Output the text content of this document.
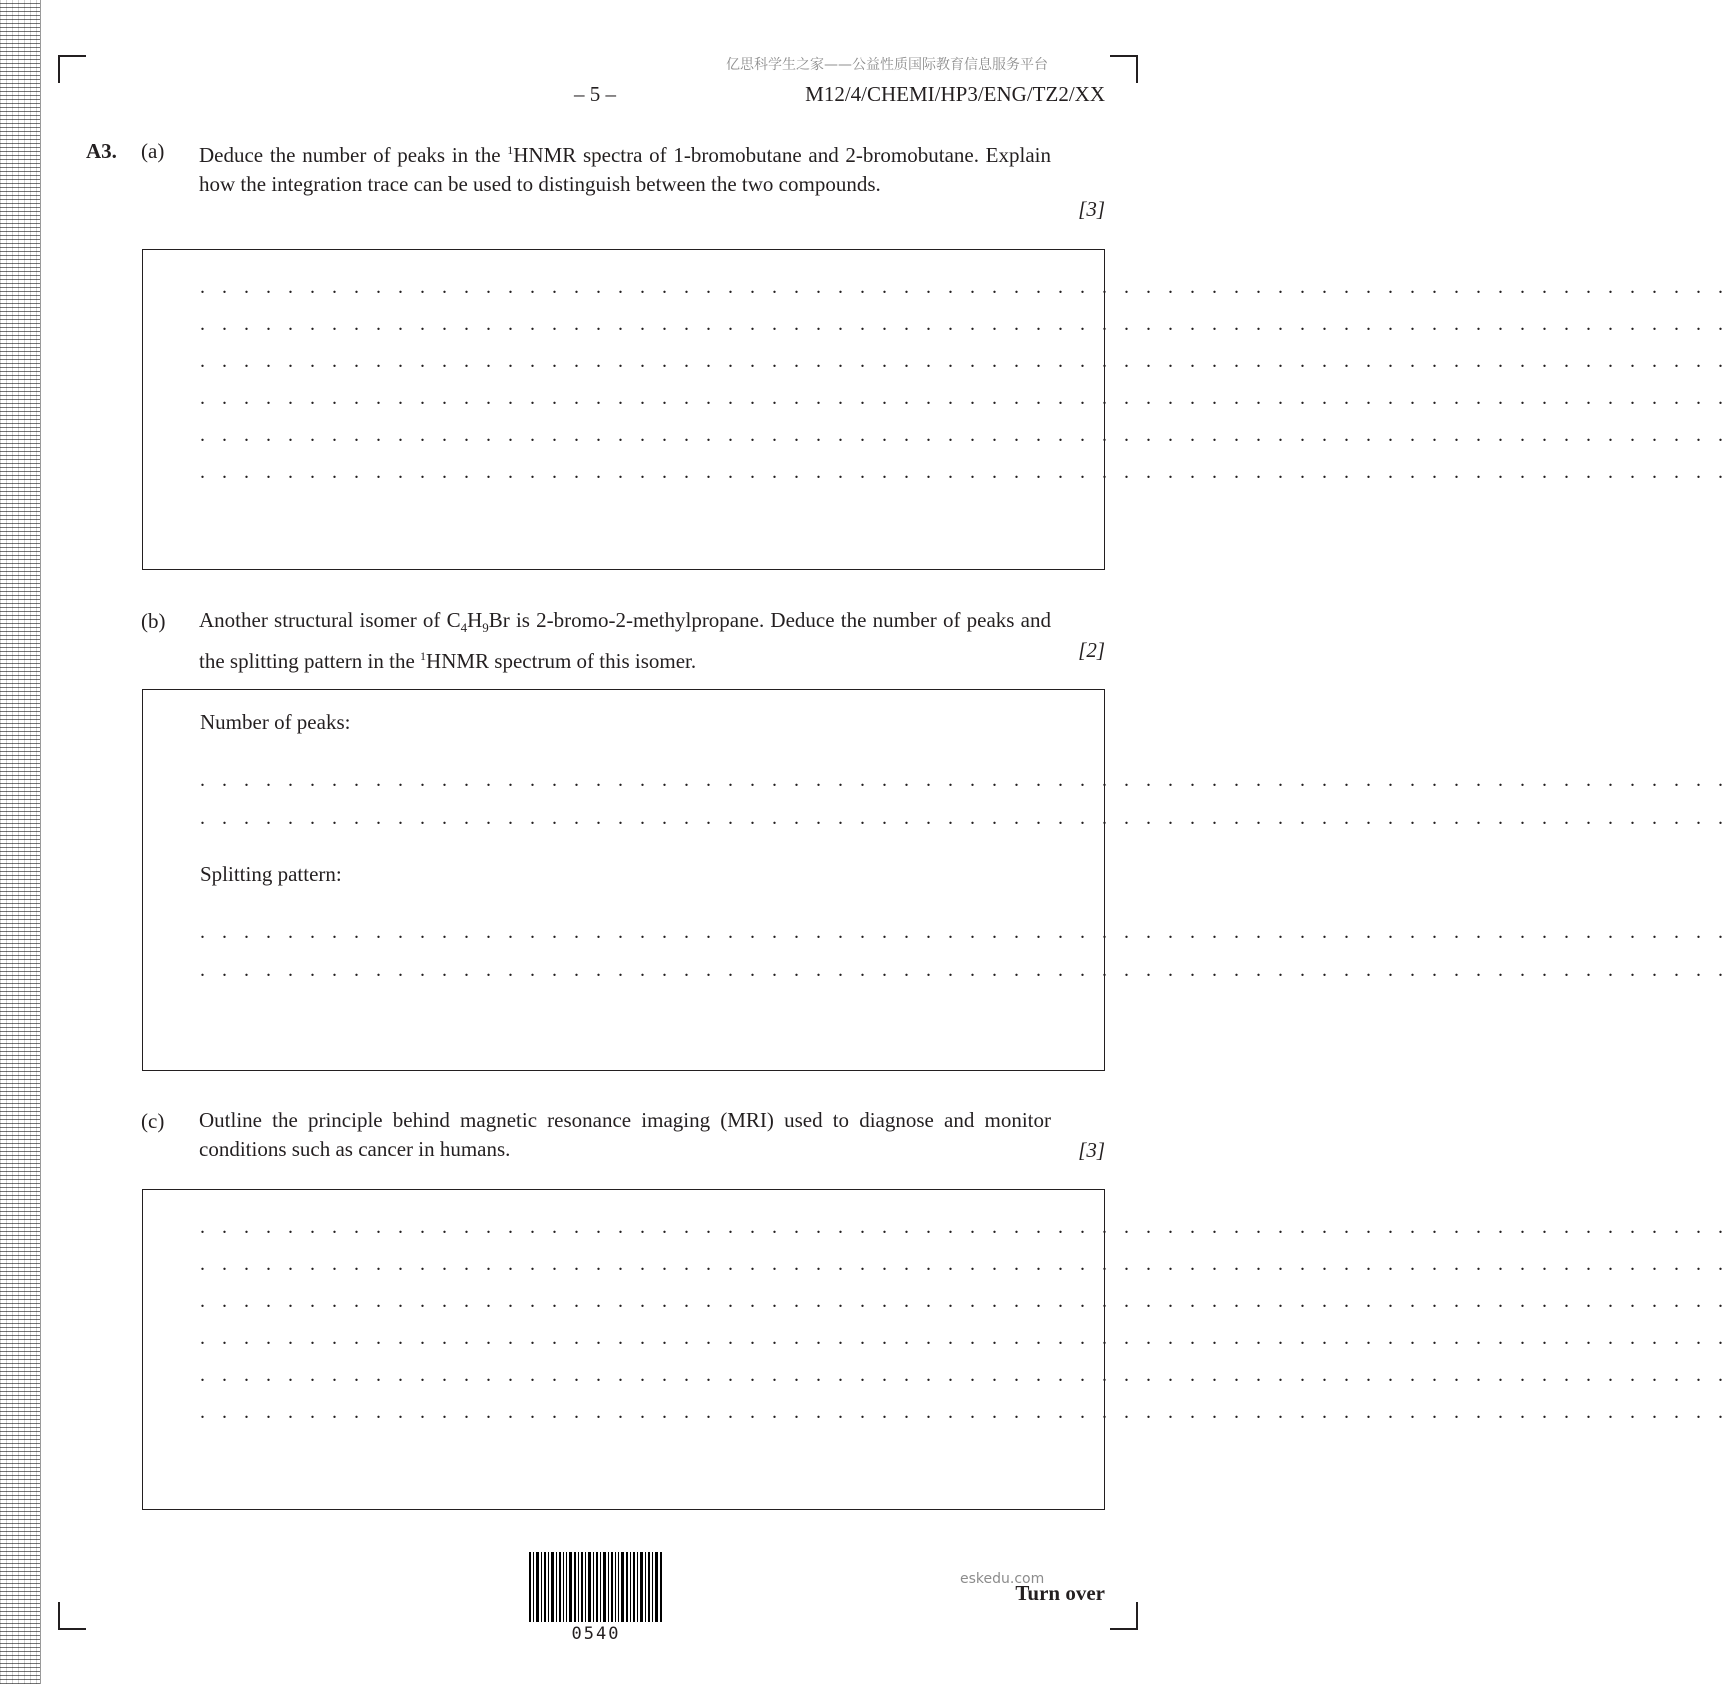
亿思科学生之家——公益性质国际教育信息服务平台
– 5 –	M12/4/CHEMI/HP3/ENG/TZ2/XX
A3. (a) Deduce the number of peaks in the $^1$HNMR spectra of 1-bromobutane and 2-bromobutane. Explain how the integration trace can be used to distinguish between the two compounds.
[3]
. . . . . . . . . . . . . . . . . . . . . . . . . . . . . . . . . . . . . . . . . . . . . . . . . . . . . . . . . . . . . . . . . . . . . .
. . . . . . . . . . . . . . . . . . . . . . . . . . . . . . . . . . . . . . . . . . . . . . . . . . . . . . . . . . . . . . . . . . . . . .
. . . . . . . . . . . . . . . . . . . . . . . . . . . . . . . . . . . . . . . . . . . . . . . . . . . . . . . . . . . . . . . . . . . . . .
. . . . . . . . . . . . . . . . . . . . . . . . . . . . . . . . . . . . . . . . . . . . . . . . . . . . . . . . . . . . . . . . . . . . . .
. . . . . . . . . . . . . . . . . . . . . . . . . . . . . . . . . . . . . . . . . . . . . . . . . . . . . . . . . . . . . . . . . . . . . .
. . . . . . . . . . . . . . . . . . . . . . . . . . . . . . . . . . . . . . . . . . . . . . . . . . . . . . . . . . . . . . . . . . . . . .
(b) Another structural isomer of $C_4H_9Br$ is 2-bromo-2-methylpropane. Deduce the number of peaks and the splitting pattern in the $^1$HNMR spectrum of this isomer.	[2]
Number of peaks:
. . . . . . . . . . . . . . . . . . . . . . . . . . . . . . . . . . . . . . . . . . . . . . . . . . . . . . . . . . . . . . . . . . . . . .
. . . . . . . . . . . . . . . . . . . . . . . . . . . . . . . . . . . . . . . . . . . . . . . . . . . . . . . . . . . . . . . . . . . . . .
Splitting pattern:
. . . . . . . . . . . . . . . . . . . . . . . . . . . . . . . . . . . . . . . . . . . . . . . . . . . . . . . . . . . . . . . . . . . . . .
. . . . . . . . . . . . . . . . . . . . . . . . . . . . . . . . . . . . . . . . . . . . . . . . . . . . . . . . . . . . . . . . . . . . . .
(c) Outline the principle behind magnetic resonance imaging (MRI) used to diagnose and monitor conditions such as cancer in humans.	[3]
. . . . . . . . . . . . . . . . . . . . . . . . . . . . . . . . . . . . . . . . . . . . . . . . . . . . . . . . . . . . . . . . . . . . . .
. . . . . . . . . . . . . . . . . . . . . . . . . . . . . . . . . . . . . . . . . . . . . . . . . . . . . . . . . . . . . . . . . . . . . .
. . . . . . . . . . . . . . . . . . . . . . . . . . . . . . . . . . . . . . . . . . . . . . . . . . . . . . . . . . . . . . . . . . . . . .
. . . . . . . . . . . . . . . . . . . . . . . . . . . . . . . . . . . . . . . . . . . . . . . . . . . . . . . . . . . . . . . . . . . . . .
. . . . . . . . . . . . . . . . . . . . . . . . . . . . . . . . . . . . . . . . . . . . . . . . . . . . . . . . . . . . . . . . . . . . . .
. . . . . . . . . . . . . . . . . . . . . . . . . . . . . . . . . . . . . . . . . . . . . . . . . . . . . . . . . . . . . . . . . . . . . .
0540
eskedu.com
Turn over
